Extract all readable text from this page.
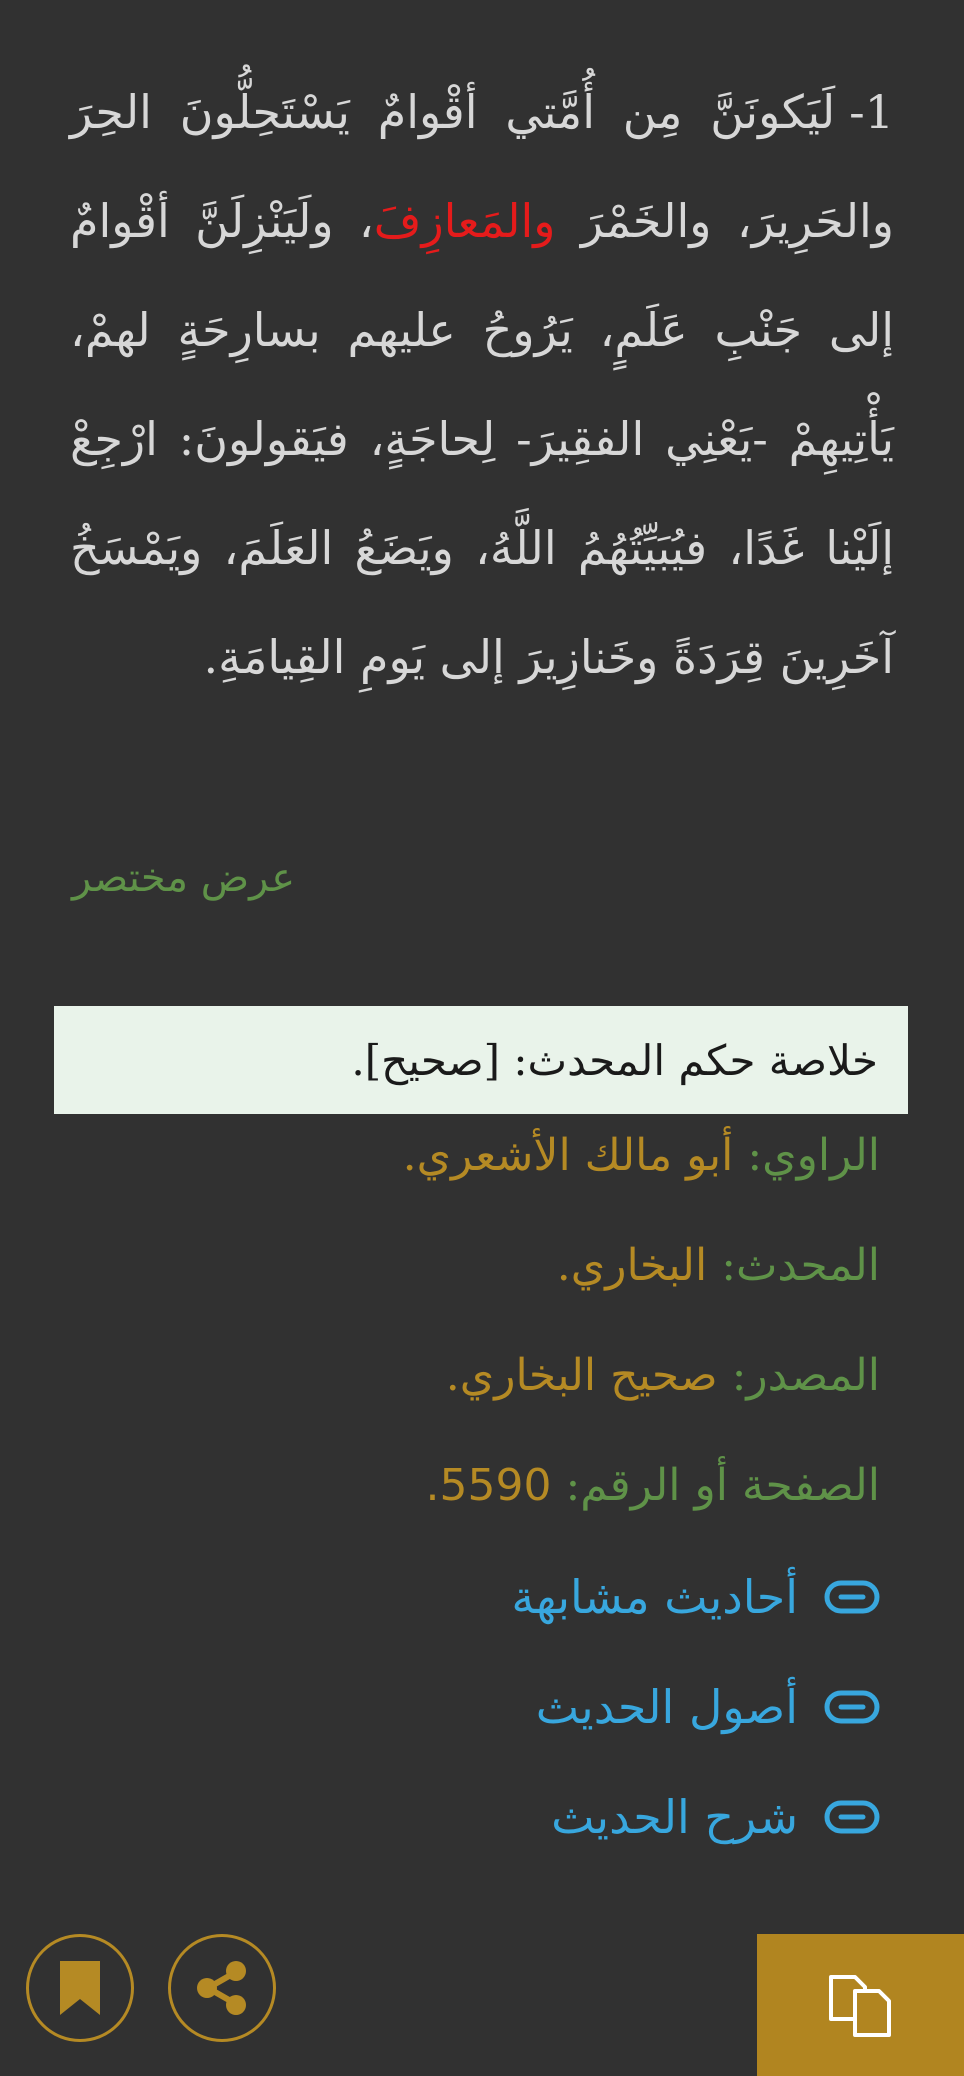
1-لَيَكونَنَّ مِن أُمَّتي أقْوامٌ يَسْتَحِلُّونَ الحِرَ والحَرِيرَ، والخَمْرَ والمَعازِفَ، ولَيَنْزِلَنَّ أقْوامٌ إلى جَنْبِ عَلَمٍ، يَرُوحُ عليهم بسارِحَةٍ لهمْ، يَأْتِيهِمْ -يَعْنِي الفقِيرَ- لِحاجَةٍ، فيَقولونَ: ارْجِعْ إلَيْنا غَدًا، فيُبَيِّتُهُمُ اللَّهُ، ويَضَعُ العَلَمَ، ويَمْسَخُ آخَرِينَ قِرَدَةً وخَنازِيرَ إلى يَومِ القِيامَةِ.
عرض مختصر
خلاصة حكم المحدث: [صحيح].
الراوي: أبو مالك الأشعري.
المحدث: البخاري.
المصدر: صحيح البخاري.
الصفحة أو الرقم: 5590.
أحاديث مشابهة
أصول الحديث
شرح الحديث
